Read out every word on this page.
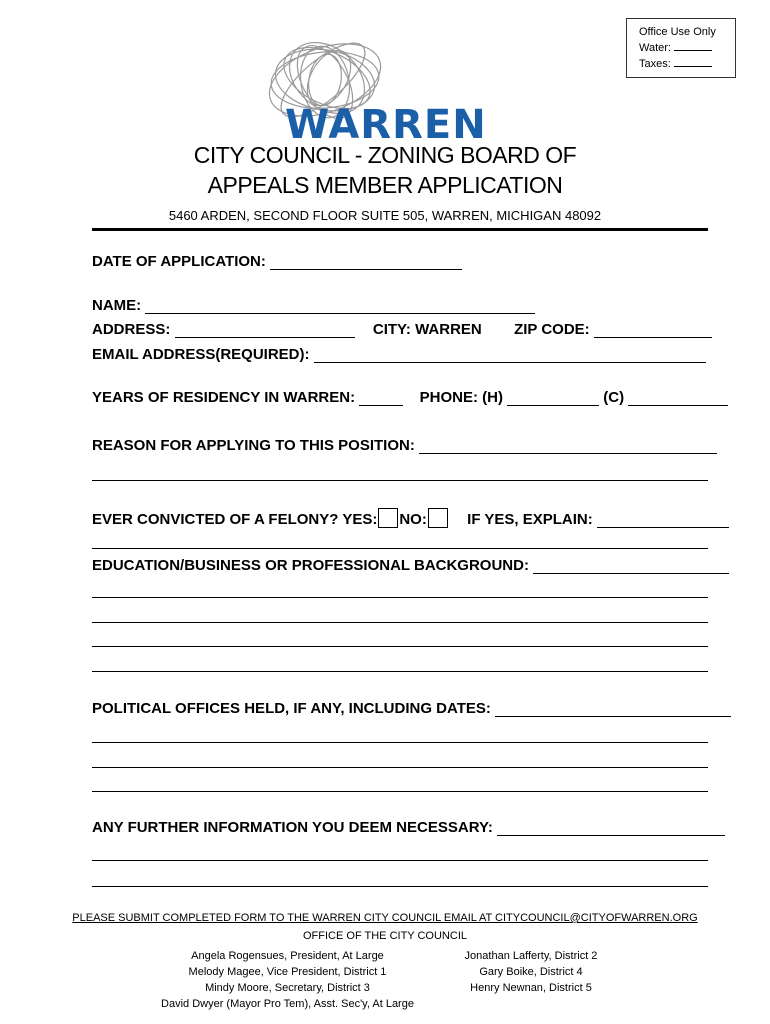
Office Use Only
Water:
Taxes:
WARREN
CITY COUNCIL - ZONING BOARD OF
APPEALS MEMBER APPLICATION
5460 ARDEN, SECOND FLOOR SUITE 505, WARREN, MICHIGAN 48092
DATE OF APPLICATION:
NAME:
ADDRESS:	CITY: WARREN ZIP CODE:
EMAIL ADDRESS(REQUIRED):
YEARS OF RESIDENCY IN WARREN:	PHONE: (H)	(C)
REASON FOR APPLYING TO THIS POSITION:
EVER CONVICTED OF A FELONY? YES: NO:	IF YES, EXPLAIN:
EDUCATION/BUSINESS OR PROFESSIONAL BACKGROUND:
POLITICAL OFFICES HELD, IF ANY, INCLUDING DATES:
ANY FURTHER INFORMATION YOU DEEM NECESSARY:
PLEASE SUBMIT COMPLETED FORM TO THE WARREN CITY COUNCIL EMAIL AT CITYCOUNCIL@CITYOFWARREN.ORG
OFFICE OF THE CITY COUNCIL
Angela Rogensues, President, At Large
Melody Magee, Vice President, District 1
Mindy Moore, Secretary, District 3
David Dwyer (Mayor Pro Tem), Asst. Sec'y, At Large
Jonathan Lafferty, District 2
Gary Boike, District 4
Henry Newnan, District 5
